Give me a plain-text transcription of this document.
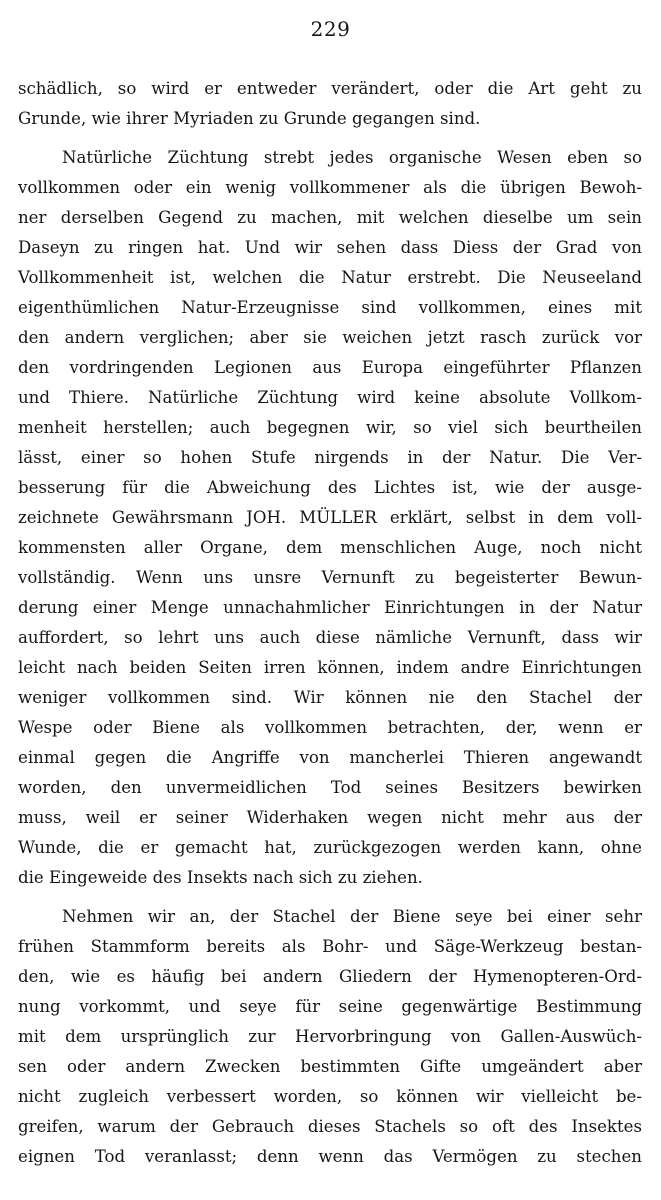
229
schädlich, so wird er entweder verändert, oder die Art geht zu
Grunde, wie ihrer Myriaden zu Grunde gegangen sind.
Natürliche Züchtung strebt jedes organische Wesen eben so
vollkommen oder ein wenig vollkommener als die übrigen Bewoh-
ner derselben Gegend zu machen, mit welchen dieselbe um sein
Daseyn zu ringen hat. Und wir sehen dass Diess der Grad von
Vollkommenheit ist, welchen die Natur erstrebt. Die Neuseeland
eigenthümlichen Natur-Erzeugnisse sind vollkommen, eines mit
den andern verglichen; aber sie weichen jetzt rasch zurück vor
den vordringenden Legionen aus Europa eingeführter Pflanzen
und Thiere. Natürliche Züchtung wird keine absolute Vollkom-
menheit herstellen; auch begegnen wir, so viel sich beurtheilen
lässt, einer so hohen Stufe nirgends in der Natur. Die Ver-
besserung für die Abweichung des Lichtes ist, wie der ausge-
zeichnete Gewährsmann JOH. MÜLLER erklärt, selbst in dem voll-
kommensten aller Organe, dem menschlichen Auge, noch nicht
vollständig. Wenn uns unsre Vernunft zu begeisterter Bewun-
derung einer Menge unnachahmlicher Einrichtungen in der Natur
auffordert, so lehrt uns auch diese nämliche Vernunft, dass wir
leicht nach beiden Seiten irren können, indem andre Einrichtungen
weniger vollkommen sind. Wir können nie den Stachel der
Wespe oder Biene als vollkommen betrachten, der, wenn er
einmal gegen die Angriffe von mancherlei Thieren angewandt
worden, den unvermeidlichen Tod seines Besitzers bewirken
muss, weil er seiner Widerhaken wegen nicht mehr aus der
Wunde, die er gemacht hat, zurückgezogen werden kann, ohne
die Eingeweide des Insekts nach sich zu ziehen.
Nehmen wir an, der Stachel der Biene seye bei einer sehr
frühen Stammform bereits als Bohr- und Säge-Werkzeug bestan-
den, wie es häufig bei andern Gliedern der Hymenopteren-Ord-
nung vorkommt, und seye für seine gegenwärtige Bestimmung
mit dem ursprünglich zur Hervorbringung von Gallen-Auswüch-
sen oder andern Zwecken bestimmten Gifte umgeändert aber
nicht zugleich verbessert worden, so können wir vielleicht be-
greifen, warum der Gebrauch dieses Stachels so oft des Insektes
eignen Tod veranlasst; denn wenn das Vermögen zu stechen
